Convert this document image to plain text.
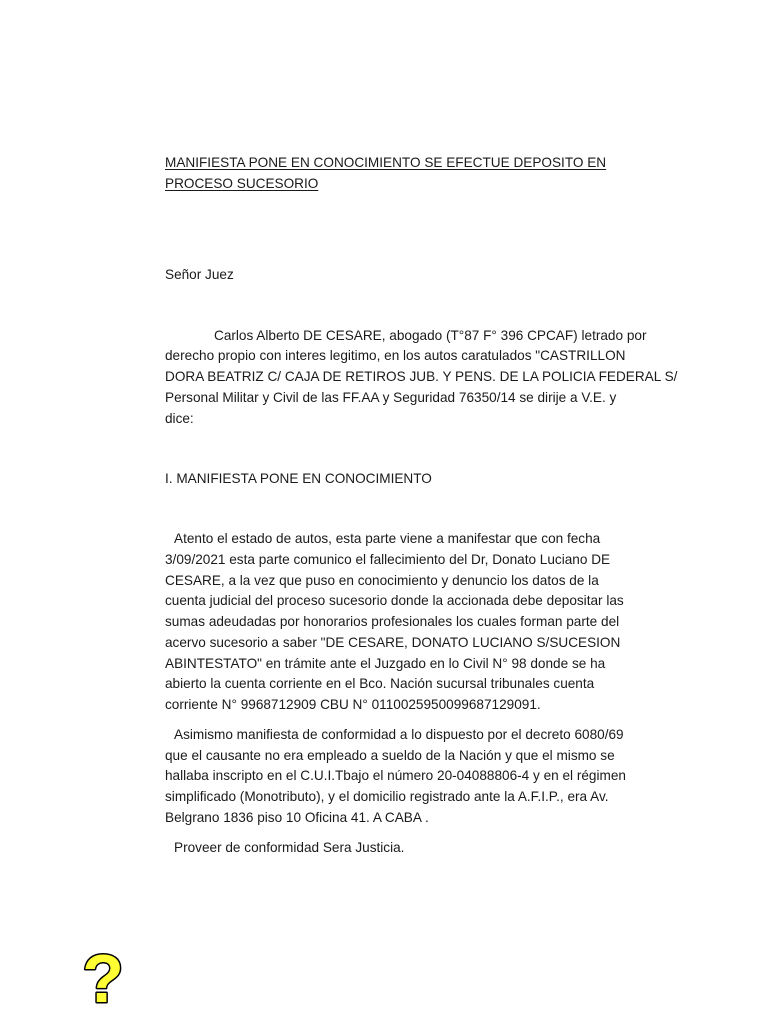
MANIFIESTA PONE EN CONOCIMIENTO SE EFECTUE DEPOSITO EN

PROCESO SUCESORIO

Señor Juez

Carlos Alberto DE CESARE, abogado (T°87 F° 396 CPCAF) letrado por

derecho propio con interes legitimo, en los autos caratulados "CASTRILLON

DORA BEATRIZ C/ CAJA DE RETIROS JUB. Y PENS. DE LA POLICIA FEDERAL S/

Personal Militar y Civil de las FF.AA y Seguridad 76350/14 se dirije a V.E. y

dice:

I. MANIFIESTA PONE EN CONOCIMIENTO

Atento el estado de autos, esta parte viene a manifestar que con fecha

3/09/2021 esta parte comunico el fallecimiento del Dr, Donato Luciano DE

CESARE, a la vez que puso en conocimiento y denuncio los datos de la

cuenta judicial del proceso sucesorio donde la accionada debe depositar las

sumas adeudadas por honorarios profesionales los cuales forman parte del

acervo sucesorio a saber "DE CESARE, DONATO LUCIANO S/SUCESION

ABINTESTATO" en trámite ante el Juzgado en lo Civil N° 98 donde se ha

abierto la cuenta corriente en el Bco. Nación sucursal tribunales cuenta

corriente N° 9968712909 CBU N° 0110025950099687129091.

Asimismo manifiesta de conformidad a lo dispuesto por el decreto 6080/69

que el causante no era empleado a sueldo de la Nación y que el mismo se

hallaba inscripto en el C.U.I.Tbajo el número 20-04088806-4 y en el régimen

simplificado (Monotributo), y el domicilio registrado ante la A.F.I.P., era Av.

Belgrano 1836 piso 10 Oficina 41. A CABA .

Proveer de conformidad Sera Justicia.

?
